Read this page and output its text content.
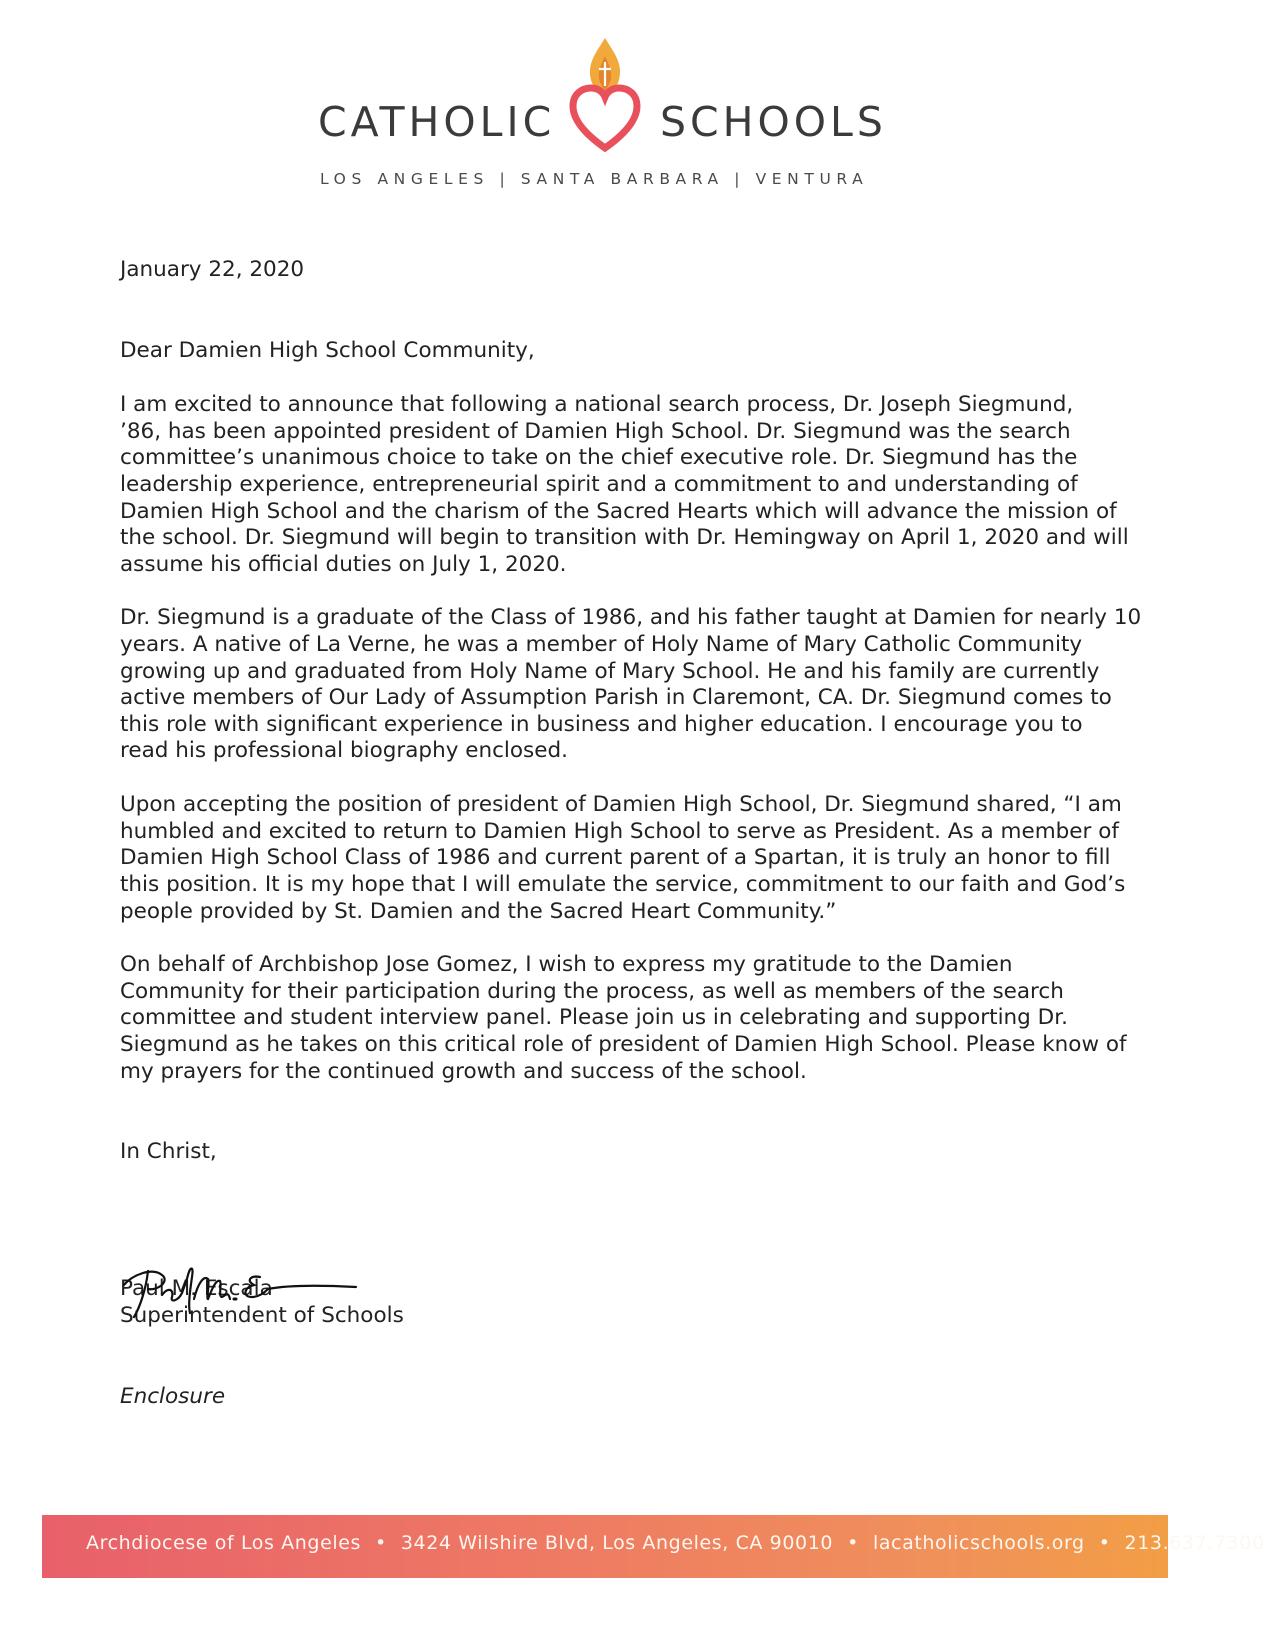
CATHOLIC	SCHOOLS
LOS ANGELES | SANTA BARBARA | VENTURA
January 22, 2020
Dear Damien High School Community,
I am excited to announce that following a national search process, Dr. Joseph Siegmund,
’86, has been appointed president of Damien High School. Dr. Siegmund was the search
committee’s unanimous choice to take on the chief executive role. Dr. Siegmund has the
leadership experience, entrepreneurial spirit and a commitment to and understanding of
Damien High School and the charism of the Sacred Hearts which will advance the mission of
the school. Dr. Siegmund will begin to transition with Dr. Hemingway on April 1, 2020 and will
assume his official duties on July 1, 2020.
Dr. Siegmund is a graduate of the Class of 1986, and his father taught at Damien for nearly 10
years. A native of La Verne, he was a member of Holy Name of Mary Catholic Community
growing up and graduated from Holy Name of Mary School. He and his family are currently
active members of Our Lady of Assumption Parish in Claremont, CA. Dr. Siegmund comes to
this role with significant experience in business and higher education. I encourage you to
read his professional biography enclosed.
Upon accepting the position of president of Damien High School, Dr. Siegmund shared, “I am
humbled and excited to return to Damien High School to serve as President. As a member of
Damien High School Class of 1986 and current parent of a Spartan, it is truly an honor to fill
this position. It is my hope that I will emulate the service, commitment to our faith and God’s
people provided by St. Damien and the Sacred Heart Community.”
On behalf of Archbishop Jose Gomez, I wish to express my gratitude to the Damien
Community for their participation during the process, as well as members of the search
committee and student interview panel. Please join us in celebrating and supporting Dr.
Siegmund as he takes on this critical role of president of Damien High School. Please know of
my prayers for the continued growth and success of the school.
In Christ,
Paul M. Escala
Superintendent of Schools
Enclosure
Archdiocese of Los Angeles • 3424 Wilshire Blvd, Los Angeles, CA 90010 • lacatholicschools.org • 213.637.7300
